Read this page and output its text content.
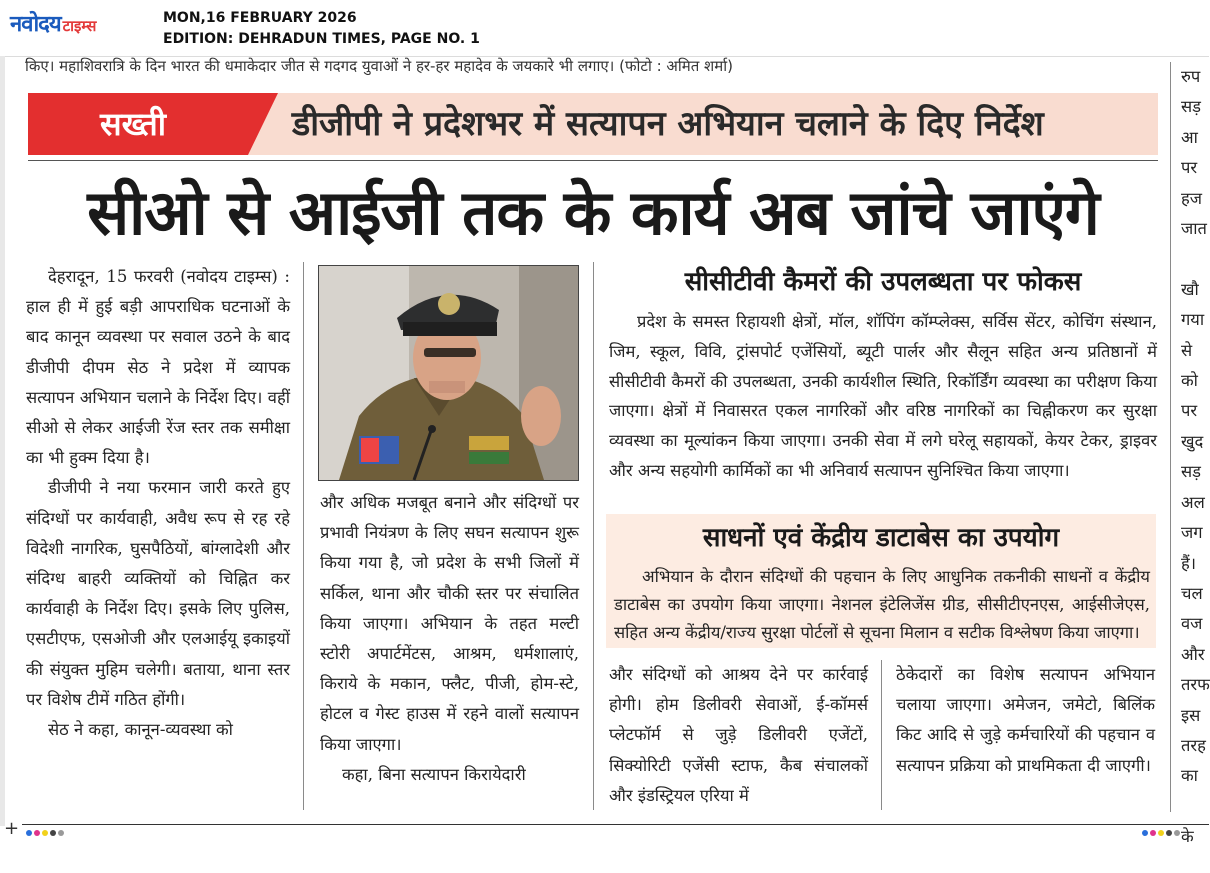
नवोदय टाइम्स	MON,16 FEBRUARY 2026
EDITION: DEHRADUN TIMES, PAGE NO. 1
किए। महाशिवरात्रि के दिन भारत की धमाकेदार जीत से गदगद युवाओं ने हर-हर महादेव के जयकारे भी लगाए। (फोटो : अमित शर्मा)
सख्ती	डीजीपी ने प्रदेशभर में सत्यापन अभियान चलाने के दिए निर्देश
सीओ से आईजी तक के कार्य अब जांचे जाएंगे

देहरादून, 15 फरवरी (नवोदय टाइम्स) : हाल ही में हुई बड़ी आपराधिक घटनाओं के बाद कानून व्यवस्था पर सवाल उठने के बाद डीजीपी दीपम सेठ ने प्रदेश में व्यापक सत्यापन अभियान चलाने के निर्देश दिए। वहीं सीओ से लेकर आईजी रेंज स्तर तक समीक्षा का भी हुक्म दिया है।

डीजीपी ने नया फरमान जारी करते हुए संदिग्धों पर कार्यवाही, अवैध रूप से रह रहे विदेशी नागरिक, घुसपैठियों, बांग्लादेशी और संदिग्ध बाहरी व्यक्तियों को चिह्नित कर कार्यवाही के निर्देश दिए। इसके लिए पुलिस, एसटीएफ, एसओजी और एलआईयू इकाइयों की संयुक्त मुहिम चलेगी। बताया, थाना स्तर पर विशेष टीमें गठित होंगी।

सेठ ने कहा, कानून-व्यवस्था को

और अधिक मजबूत बनाने और संदिग्धों पर प्रभावी नियंत्रण के लिए सघन सत्यापन शुरू किया गया है, जो प्रदेश के सभी जिलों में सर्किल, थाना और चौकी स्तर पर संचालित किया जाएगा। अभियान के तहत मल्टी स्टोरी अपार्टमेंटस, आश्रम, धर्मशालाएं, किराये के मकान, फ्लैट, पीजी, होम-स्टे, होटल व गेस्ट हाउस में रहने वालों सत्यापन किया जाएगा।

कहा, बिना सत्यापन किरायेदारी

सीसीटीवी कैमरों की उपलब्धता पर फोकस

प्रदेश के समस्त रिहायशी क्षेत्रों, मॉल, शॉपिंग कॉम्प्लेक्स, सर्विस सेंटर, कोचिंग संस्थान, जिम, स्कूल, विवि, ट्रांसपोर्ट एजेंसियों, ब्यूटी पार्लर और सैलून सहित अन्य प्रतिष्ठानों में सीसीटीवी कैमरों की उपलब्धता, उनकी कार्यशील स्थिति, रिकॉर्डिंग व्यवस्था का परीक्षण किया जाएगा। क्षेत्रों में निवासरत एकल नागरिकों और वरिष्ठ नागरिकों का चिह्नीकरण कर सुरक्षा व्यवस्था का मूल्यांकन किया जाएगा। उनकी सेवा में लगे घरेलू सहायकों, केयर टेकर, ड्राइवर और अन्य सहयोगी कार्मिकों का भी अनिवार्य सत्यापन सुनिश्चित किया जाएगा।

साधनों एवं केंद्रीय डाटाबेस का उपयोग

अभियान के दौरान संदिग्धों की पहचान के लिए आधुनिक तकनीकी साधनों व केंद्रीय डाटाबेस का उपयोग किया जाएगा। नेशनल इंटेलिजेंस ग्रीड, सीसीटीएनएस, आईसीजेएस, सहित अन्य केंद्रीय/राज्य सुरक्षा पोर्टलों से सूचना मिलान व सटीक विश्लेषण किया जाएगा।

और संदिग्धों को आश्रय देने पर कार्रवाई होगी। होम डिलीवरी सेवाओं, ई-कॉमर्स प्लेटफॉर्म से जुड़े डिलीवरी एजेंटों, सिक्योरिटी एजेंसी स्टाफ, कैब संचालकों और इंडस्ट्रियल एरिया में

ठेकेदारों का विशेष सत्यापन अभियान चलाया जाएगा। अमेजन, जमेटो, बिलिंक किट आदि से जुड़े कर्मचारियों की पहचान व सत्यापन प्रक्रिया को प्राथमिकता दी जाएगी।

रुप
सड़
आ
पर
हज
जात

खौ
गया
से
को
पर
खुद
सड़
अल
जग
हैं।
चल
वज
और
तरफ
इस
तरह
का

के
+
